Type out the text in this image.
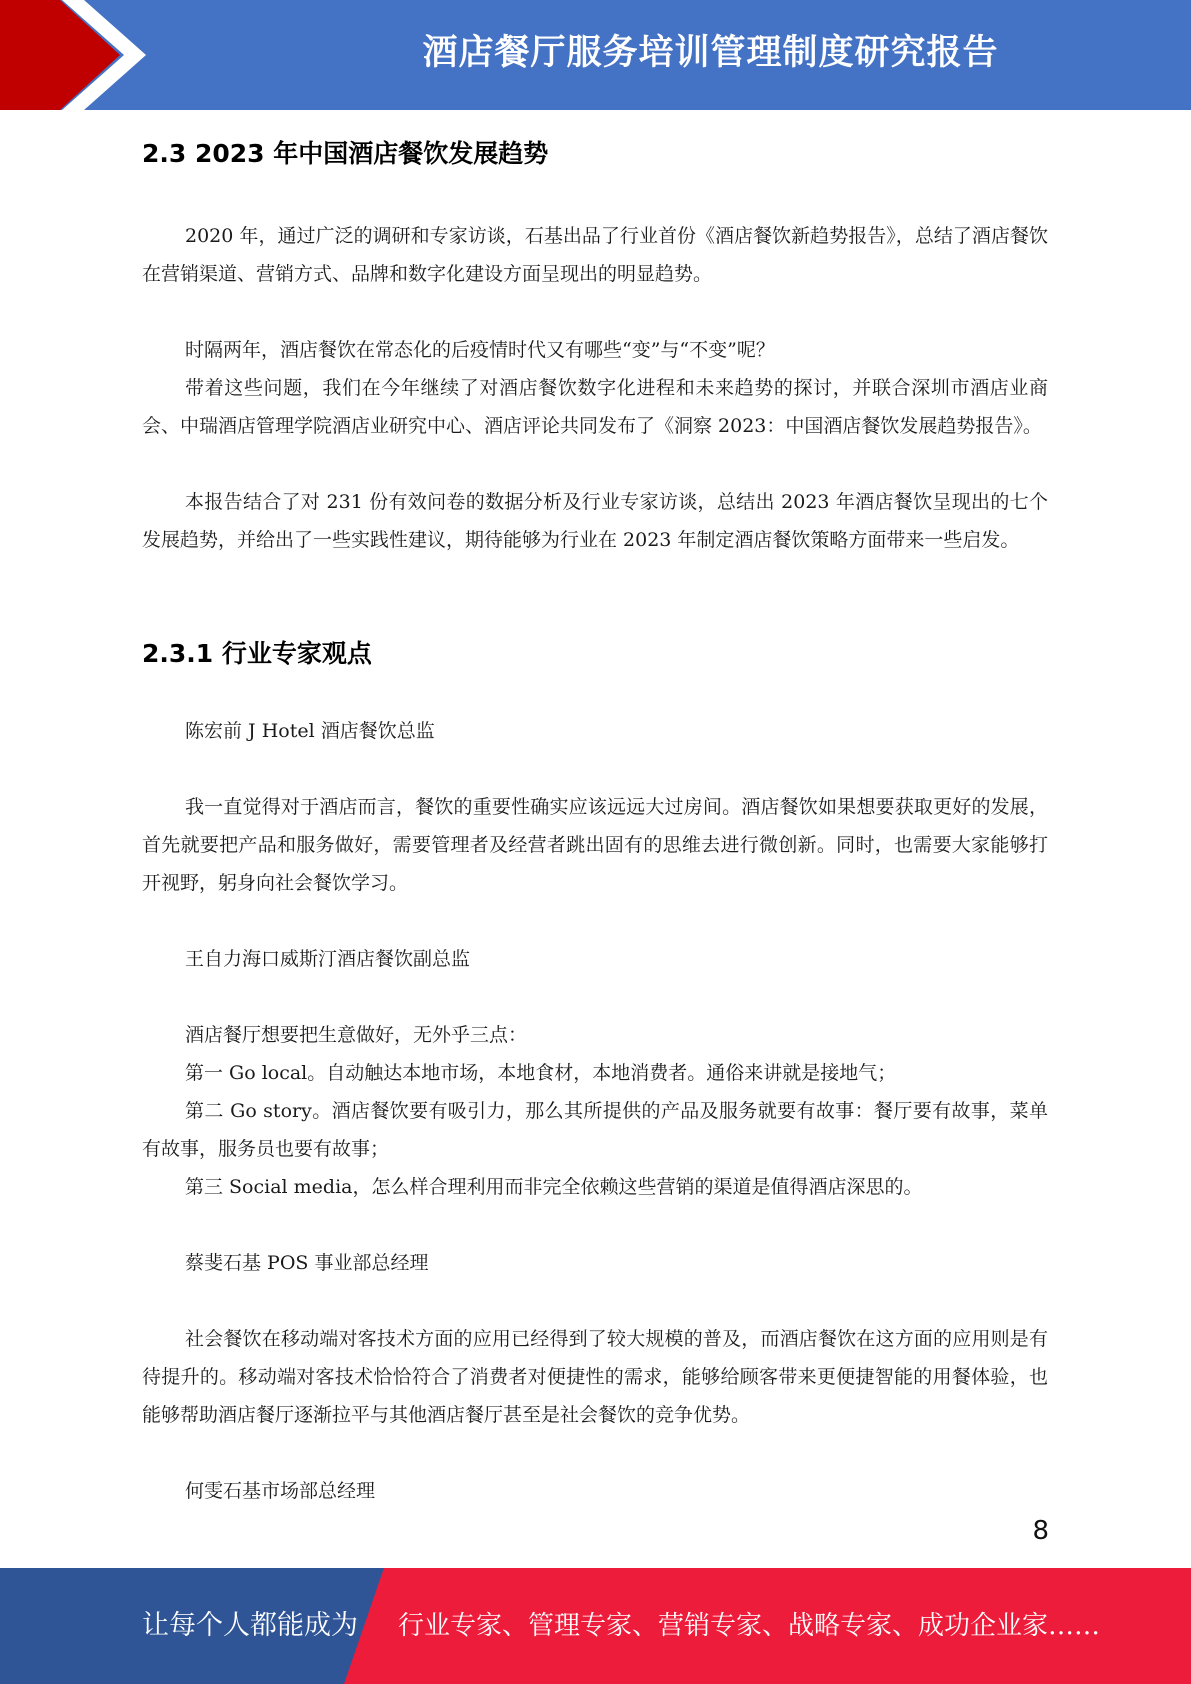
酒店餐厅服务培训管理制度研究报告
2.3 2023 年中国酒店餐饮发展趋势

2020 年，通过广泛的调研和专家访谈，石基出品了行业首份《酒店餐饮新趋势报告》，总结了酒店餐饮在营销渠道、营销方式、品牌和数字化建设方面呈现出的明显趋势。

时隔两年，酒店餐饮在常态化的后疫情时代又有哪些“变”与“不变”呢？

带着这些问题，我们在今年继续了对酒店餐饮数字化进程和未来趋势的探讨，并联合深圳市酒店业商会、中瑞酒店管理学院酒店业研究中心、酒店评论共同发布了《洞察 2023：中国酒店餐饮发展趋势报告》。

本报告结合了对 231 份有效问卷的数据分析及行业专家访谈，总结出 2023 年酒店餐饮呈现出的七个发展趋势，并给出了一些实践性建议，期待能够为行业在 2023 年制定酒店餐饮策略方面带来一些启发。

2.3.1 行业专家观点

陈宏前 J Hotel 酒店餐饮总监

我一直觉得对于酒店而言，餐饮的重要性确实应该远远大过房间。酒店餐饮如果想要获取更好的发展，首先就要把产品和服务做好，需要管理者及经营者跳出固有的思维去进行微创新。同时，也需要大家能够打开视野，躬身向社会餐饮学习。

王自力海口威斯汀酒店餐饮副总监

酒店餐厅想要把生意做好，无外乎三点：

第一 Go local。自动触达本地市场，本地食材，本地消费者。通俗来讲就是接地气；

第二 Go story。酒店餐饮要有吸引力，那么其所提供的产品及服务就要有故事：餐厅要有故事，菜单有故事，服务员也要有故事；

第三 Social media，怎么样合理利用而非完全依赖这些营销的渠道是值得酒店深思的。

蔡斐石基 POS 事业部总经理

社会餐饮在移动端对客技术方面的应用已经得到了较大规模的普及，而酒店餐饮在这方面的应用则是有待提升的。移动端对客技术恰恰符合了消费者对便捷性的需求，能够给顾客带来更便捷智能的用餐体验，也能够帮助酒店餐厅逐渐拉平与其他酒店餐厅甚至是社会餐饮的竞争优势。

何雯石基市场部总经理

8
让每个人都能成为 行业专家、管理专家、营销专家、战略专家、成功企业家……
